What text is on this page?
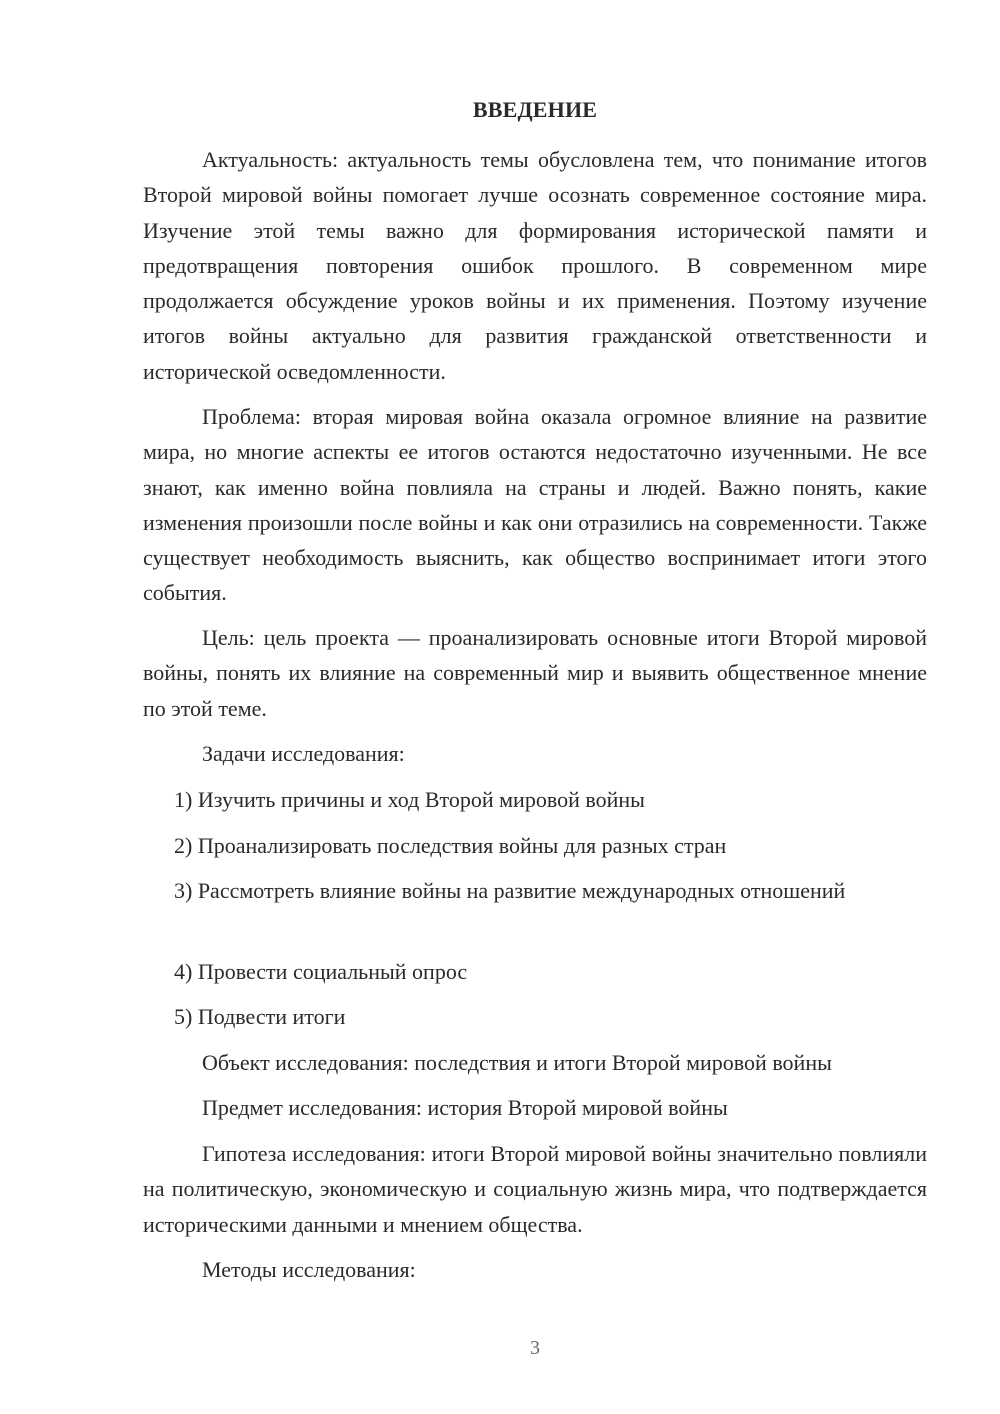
ВВЕДЕНИЕ

Актуальность: актуальность темы обусловлена тем, что понимание итогов Второй мировой войны помогает лучше осознать современное состояние мира. Изучение этой темы важно для формирования исторической памяти и предотвращения повторения ошибок прошлого. В современном мире продолжается обсуждение уроков войны и их применения. Поэтому изучение итогов войны актуально для развития гражданской ответственности и исторической осведомленности.

Проблема: вторая мировая война оказала огромное влияние на развитие мира, но многие аспекты ее итогов остаются недостаточно изученными. Не все знают, как именно война повлияла на страны и людей. Важно понять, какие изменения произошли после войны и как они отразились на современности. Также существует необходимость выяснить, как общество воспринимает итоги этого события.

Цель: цель проекта — проанализировать основные итоги Второй мировой войны, понять их влияние на современный мир и выявить общественное мнение по этой теме.

Задачи исследования:

1) Изучить причины и ход Второй мировой войны

2) Проанализировать последствия войны для разных стран

3) Рассмотреть влияние войны на развитие международных отношений

4) Провести социальный опрос

5) Подвести итоги

Объект исследования: последствия и итоги Второй мировой войны

Предмет исследования: история Второй мировой войны

Гипотеза исследования: итоги Второй мировой войны значительно повлияли на политическую, экономическую и социальную жизнь мира, что подтверждается историческими данными и мнением общества.

Методы исследования:

3
